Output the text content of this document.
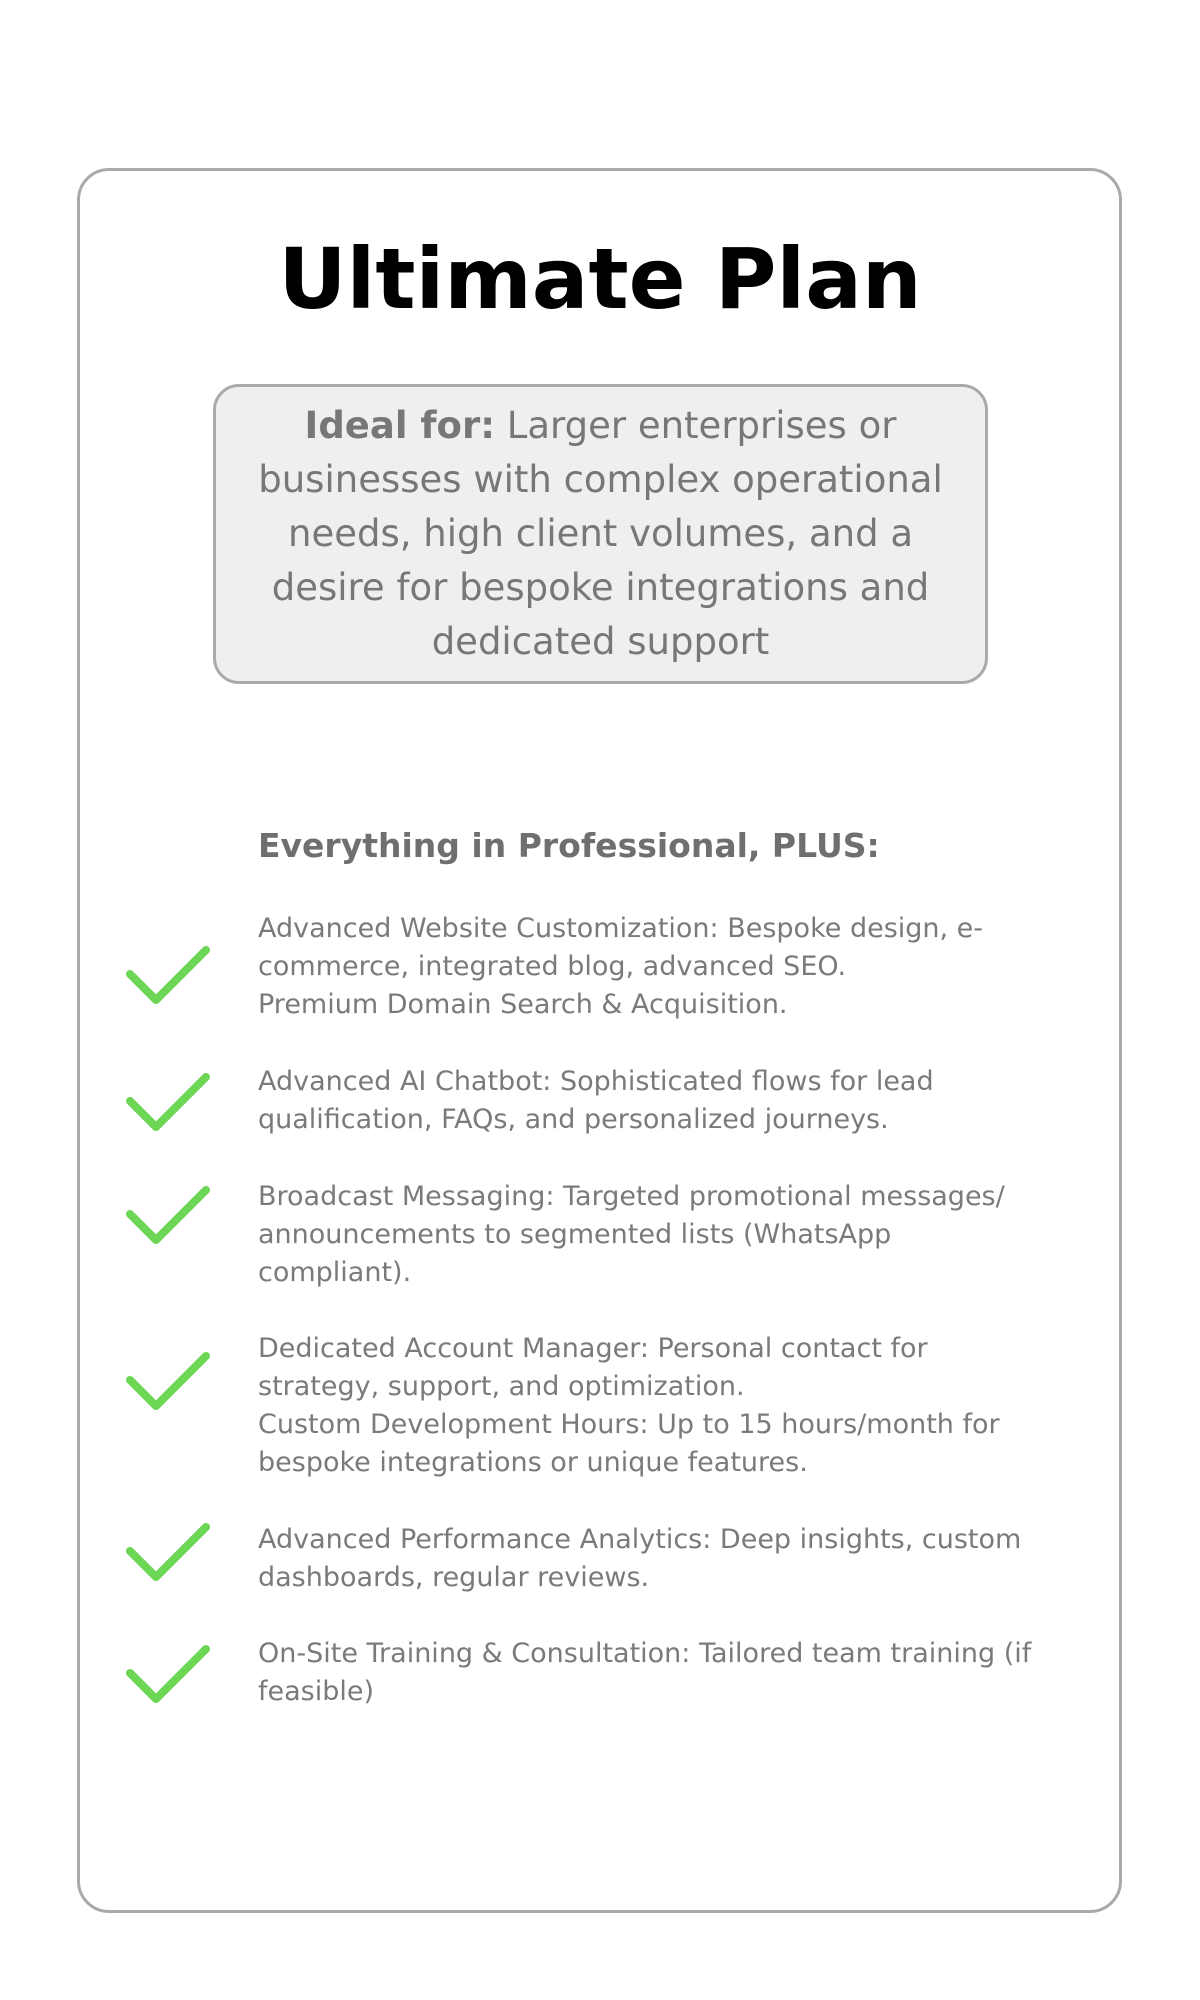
Ultimate Plan
Ideal for: Larger enterprises or businesses with complex operational needs, high client volumes, and a desire for bespoke integrations and dedicated support
Everything in Professional, PLUS:
Advanced Website Customization: Bespoke design, e-
commerce, integrated blog, advanced SEO.
Premium Domain Search & Acquisition.
Advanced AI Chatbot: Sophisticated flows for lead
qualification, FAQs, and personalized journeys.
Broadcast Messaging: Targeted promotional messages/
announcements to segmented lists (WhatsApp
compliant).
Dedicated Account Manager: Personal contact for
strategy, support, and optimization.
Custom Development Hours: Up to 15 hours/month for
bespoke integrations or unique features.
Advanced Performance Analytics: Deep insights, custom
dashboards, regular reviews.
On-Site Training & Consultation: Tailored team training (if
feasible)
